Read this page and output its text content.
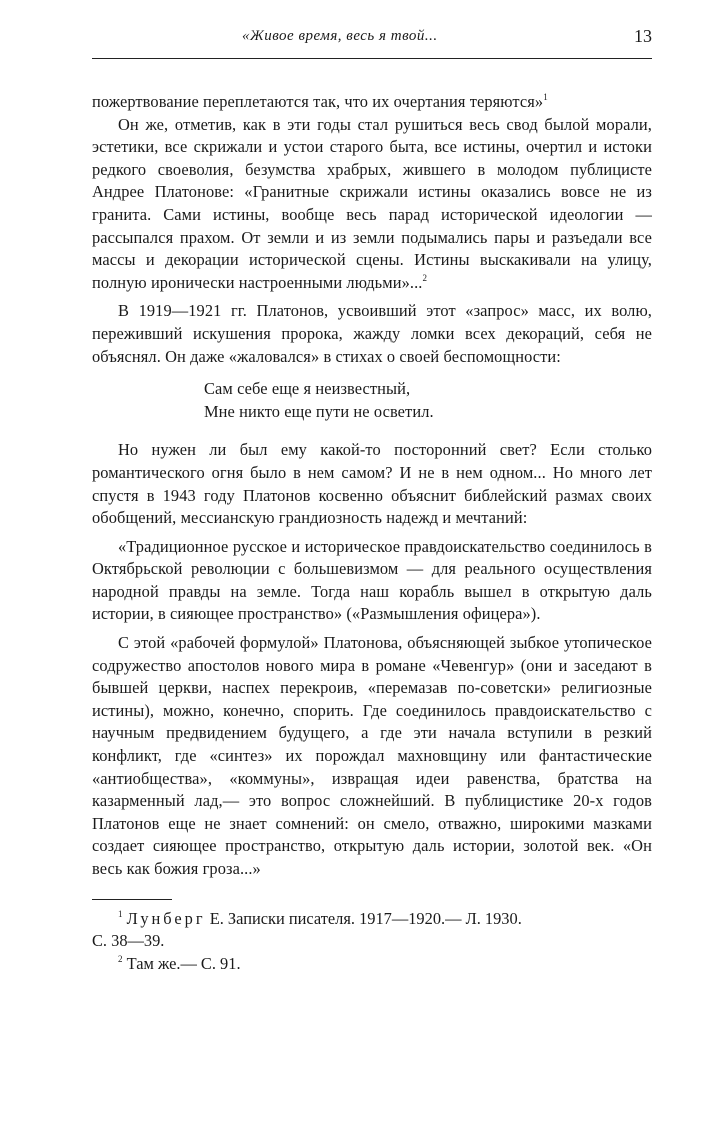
«Живое время, весь я твой...	13

пожертвование переплетаются так, что их очертания теряются»$^1$

Он же, отметив, как в эти годы стал рушиться весь свод былой морали, эстетики, все скрижали и устои старого быта, все истины, очертил и истоки редкого своеволия, безумства храбрых, жившего в молодом публицисте Андрее Платонове: «Гранитные скрижали истины оказались вовсе не из гранита. Сами истины, вообще весь парад исторической идеологии — рассыпался прахом. От земли и из земли подымались пары и разъедали все массы и декорации исторической сцены. Истины выскакивали на улицу, полную иронически настроенными людьми»...$^2$

В 1919—1921 гг. Платонов, усвоивший этот «запрос» масс, их волю, переживший искушения пророка, жажду ломки всех декораций, себя не объяснял. Он даже «жаловался» в стихах о своей беспомощности:

Сам себе еще я неизвестный,
Мне никто еще пути не осветил.

Но нужен ли был ему какой-то посторонний свет? Если столько романтического огня было в нем самом? И не в нем одном... Но много лет спустя в 1943 году Платонов косвенно объяснит библейский размах своих обобщений, мессианскую грандиозность надежд и мечтаний:

«Традиционное русское и историческое правдоискательство соединилось в Октябрьской революции с большевизмом — для реального осуществления народной правды на земле. Тогда наш корабль вышел в открытую даль истории, в сияющее пространство» («Размышления офицера»).

С этой «рабочей формулой» Платонова, объясняющей зыбкое утопическое содружество апостолов нового мира в романе «Чевенгур» (они и заседают в бывшей церкви, наспех перекроив, «перемазав по-советски» религиозные истины), можно, конечно, спорить. Где соединилось правдоискательство с научным предвидением будущего, а где эти начала вступили в резкий конфликт, где «синтез» их порождал махновщину или фантастические «антиобщества», «коммуны», извращая идеи равенства, братства на казарменный лад,— это вопрос сложнейший. В публицистике 20-х годов Платонов еще не знает сомнений: он смело, отважно, широкими мазками создает сияющее пространство, открытую даль истории, золотой век. «Он весь как божия гроза...»

$^1$ Лунберг Е. Записки писателя. 1917—1920.— Л. 1930.

С. 38—39.

$^2$ Там же.— С. 91.
